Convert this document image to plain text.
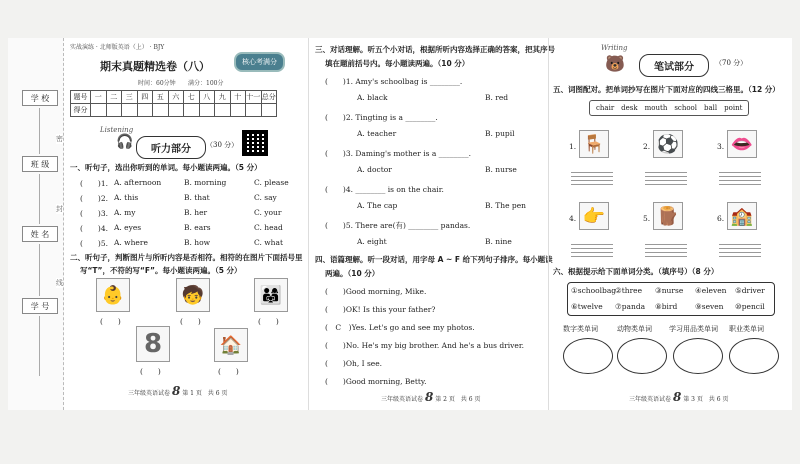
学 校
班 级
姓 名
学 号
密
封
线
实战演练 · 北师版英语（上） · BJY
期末真题精选卷（八）	核心考满分
时间：60分钟 满分：100分
题号	一	二	三	四	五	六	七	八	九	十	十一	总分
得分												
Listening
🎧	听力部分	（30 分）
一、听句子，选出你听到的单词。每小题读两遍。（5 分）
(　　)1. A. afternoon	B. morning	C. please
(　　)2. A. this	B. that	C. say
(　　)3. A. my	B. her	C. your
(　　)4. A. eyes	B. ears	C. head
(　　)5. A. where	B. how	C. what
二、听句子，判断图片与所听内容是否相符。相符的在图片下面括号里
写“T”，不符的写“F”。每小题读两遍。（5 分）
👶
(　　)
🧒
(　　)
👨‍👩‍👧
(　　)
8
(　　)
🏠
(　　)
三年级英语试卷 8 第 1 页　共 6 页
三、对话理解。听五个小对话，根据所听内容选择正确的答案，把其序号
填在题前括号内。每小题读两遍。（10 分）
(　　)1. Amy's schoolbag is ________.
A. black	B. red
(　　)2. Tingting is a ________.
A. teacher	B. pupil
(　　)3. Daming's mother is a ________.
A. doctor	B. nurse
(　　)4. ________ is on the chair.
A. The cap	B. The pen
(　　)5. There are(有) ________ pandas.
A. eight	B. nine
四、语篇理解。听一段对话，用字母 A ~ F 给下列句子排序。每小题读
两遍。（10 分）
(　　)Good morning, Mike.
(　　)OK! Is this your father?
(　C　)Yes. Let's go and see my photos.
(　　)No. He's my big brother. And he's a bus driver.
(　　)Oh, I see.
(　　)Good morning, Betty.
三年级英语试卷 8 第 2 页　共 6 页
Writing
🐻	笔试部分	（70 分）
五、词图配对。把单词抄写在图片下面对应的四线三格里。（12 分）
chair　desk　mouth　school　ball　point
1. 🪑	2. ⚽	3. 👄
4. 👉	5. 🪵	6. 🏫
六、根据提示给下面单词分类。（填序号）（8 分）
①schoolbag
②three ③nurse ④eleven ⑤driver
⑥twelve ⑦panda ⑧bird ⑨seven ⑩pencil
数字类单词	动物类单词 学习用品类单词 职业类单词
三年级英语试卷 8 第 3 页　共 6 页
